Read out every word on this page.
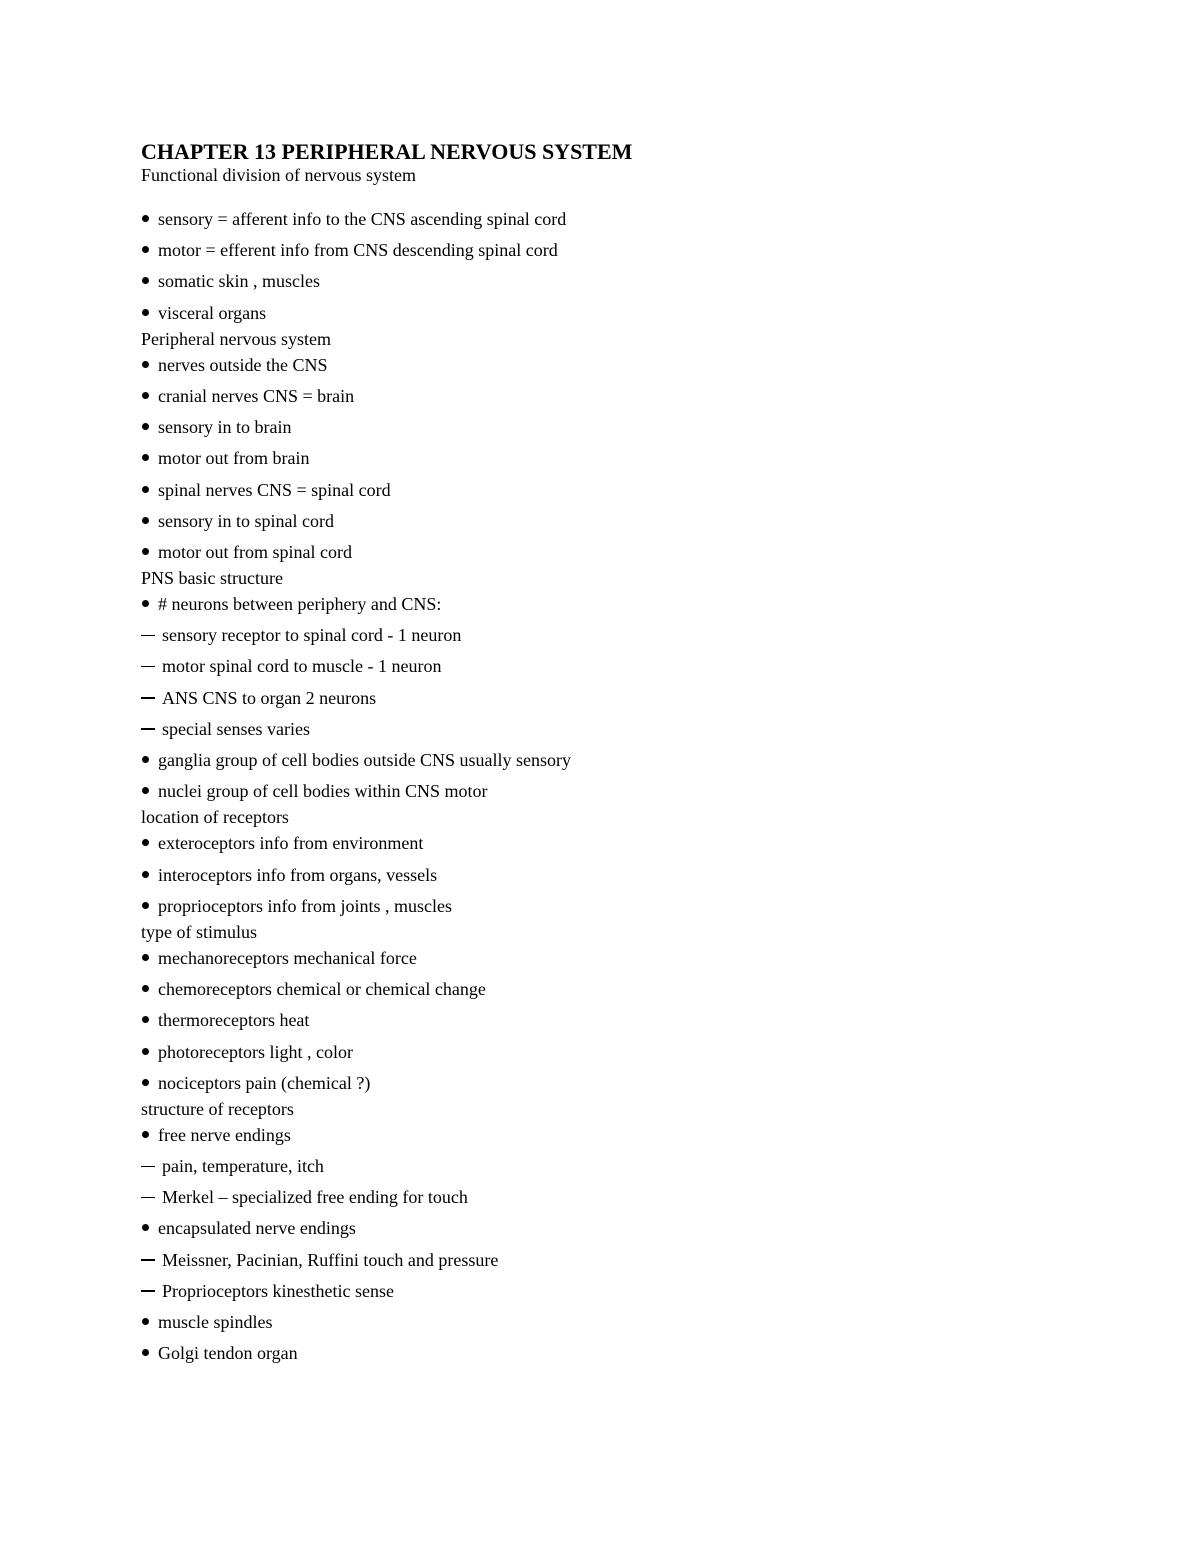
CHAPTER 13 PERIPHERAL NERVOUS SYSTEM
Functional division of nervous system
sensory = afferent info to the CNS ascending spinal cord
motor = efferent info from CNS descending spinal cord
somatic skin , muscles
visceral organs
Peripheral nervous system
nerves outside the CNS
cranial nerves CNS = brain
sensory in to brain
motor out from brain
spinal nerves CNS = spinal cord
sensory in to spinal cord
motor out from spinal cord
PNS basic structure
# neurons between periphery and CNS:
sensory receptor to spinal cord - 1 neuron
motor spinal cord to muscle - 1 neuron
ANS CNS to organ 2 neurons
special senses varies
ganglia group of cell bodies outside CNS usually sensory
nuclei group of cell bodies within CNS motor
location of receptors
exteroceptors info from environment
interoceptors info from organs, vessels
proprioceptors info from joints , muscles
type of stimulus
mechanoreceptors mechanical force
chemoreceptors chemical or chemical change
thermoreceptors heat
photoreceptors light , color
nociceptors pain (chemical ?)
structure of receptors
free nerve endings
pain, temperature, itch
Merkel – specialized free ending for touch
encapsulated nerve endings
Meissner, Pacinian, Ruffini touch and pressure
Proprioceptors kinesthetic sense
muscle spindles
Golgi tendon organ
